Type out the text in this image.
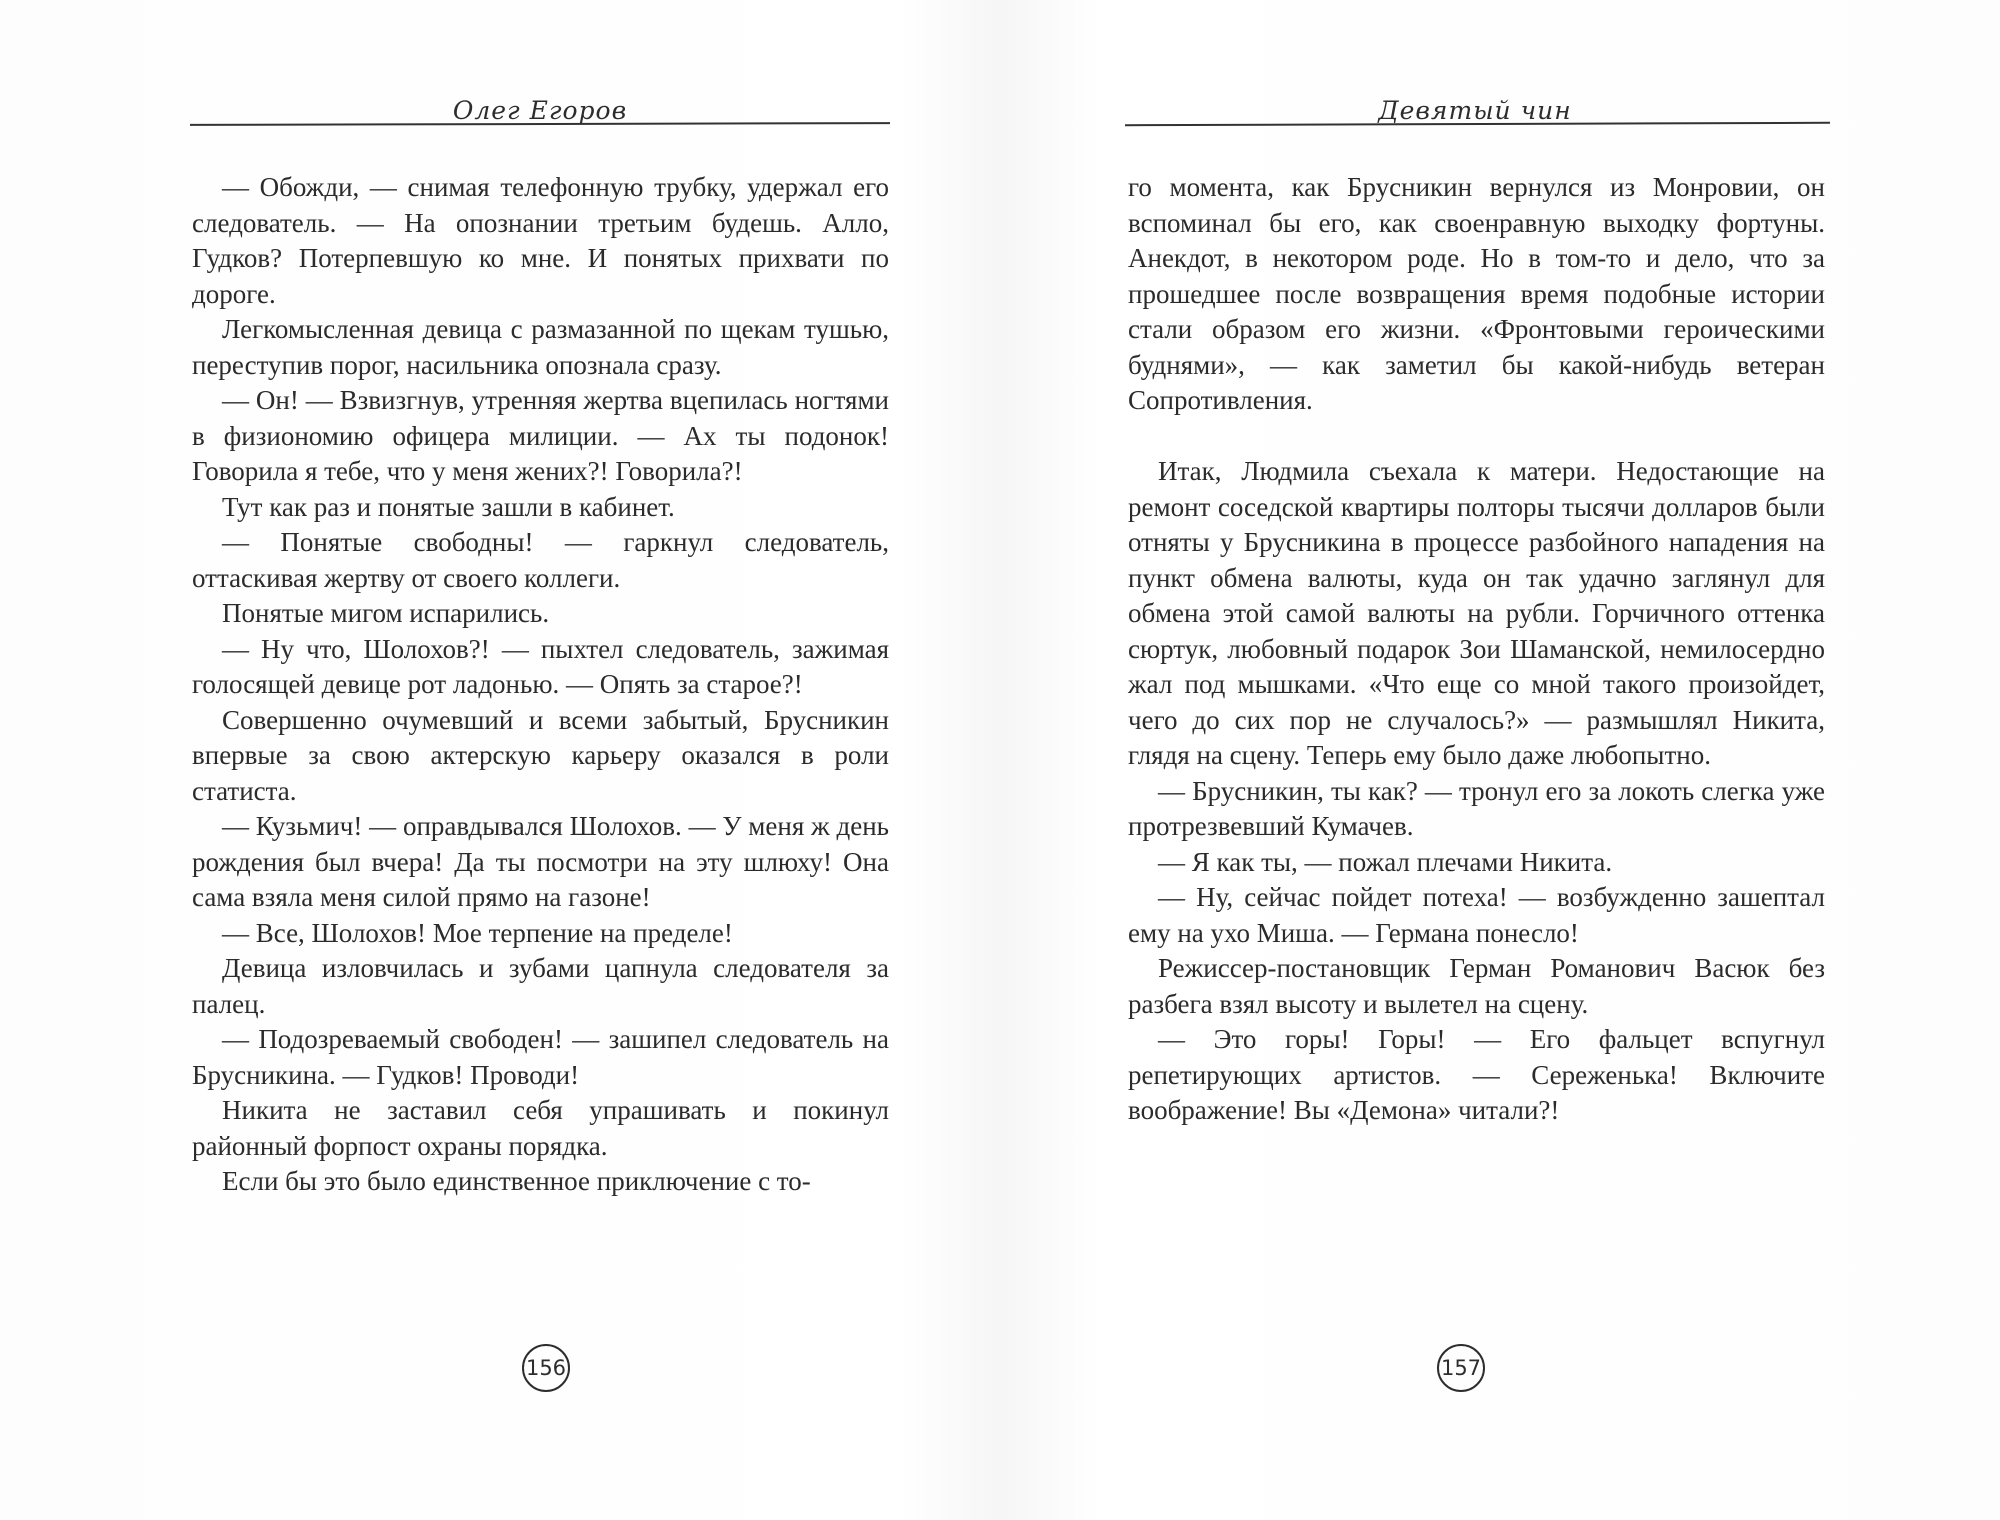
Олег Егоров

— Обожди, — снимая телефонную трубку, удержал его следователь. — На опознании третьим будешь. Алло, Гудков? Потерпевшую ко мне. И понятых прихвати по дороге.

Легкомысленная девица с размазанной по щекам тушью, переступив порог, насильника опознала сразу.

— Он! — Взвизгнув, утренняя жертва вцепилась ногтями в физиономию офицера милиции. — Ах ты подонок! Говорила я тебе, что у меня жених?! Говорила?!

Тут как раз и понятые зашли в кабинет.

— Понятые свободны! — гаркнул следователь, оттаскивая жертву от своего коллеги.

Понятые мигом испарились.

— Ну что, Шолохов?! — пыхтел следователь, зажимая голосящей девице рот ладонью. — Опять за старое?!

Совершенно очумевший и всеми забытый, Брусникин впервые за свою актерскую карьеру оказался в роли статиста.

— Кузьмич! — оправдывался Шолохов. — У меня ж день рождения был вчера! Да ты посмотри на эту шлюху! Она сама взяла меня силой прямо на газоне!

— Все, Шолохов! Мое терпение на пределе!

Девица изловчилась и зубами цапнула следователя за палец.

— Подозреваемый свободен! — зашипел следователь на Брусникина. — Гудков! Проводи!

Никита не заставил себя упрашивать и покинул районный форпост охраны порядка.

Если бы это было единственное приключение с то-

156
Девятый чин

го момента, как Брусникин вернулся из Монровии, он вспоминал бы его, как своенравную выходку фортуны. Анекдот, в некотором роде. Но в том-то и дело, что за прошедшее после возвращения время подобные истории стали образом его жизни. «Фронтовыми героическими буднями», — как заметил бы какой-нибудь ветеран Сопротивления.

Итак, Людмила съехала к матери. Недостающие на ремонт соседской квартиры полторы тысячи долларов были отняты у Брусникина в процессе разбойного нападения на пункт обмена валюты, куда он так удачно заглянул для обмена этой самой валюты на рубли. Горчичного оттенка сюртук, любовный подарок Зои Шаманской, немилосердно жал под мышками. «Что еще со мной такого произойдет, чего до сих пор не случалось?» — размышлял Никита, глядя на сцену. Теперь ему было даже любопытно.

— Брусникин, ты как? — тронул его за локоть слегка уже протрезвевший Кумачев.

— Я как ты, — пожал плечами Никита.

— Ну, сейчас пойдет потеха! — возбужденно зашептал ему на ухо Миша. — Германа понесло!

Режиссер-постановщик Герман Романович Васюк без разбега взял высоту и вылетел на сцену.

— Это горы! Горы! — Его фальцет вспугнул репетирующих артистов. — Сереженька! Включите воображение! Вы «Демона» читали?!

157
